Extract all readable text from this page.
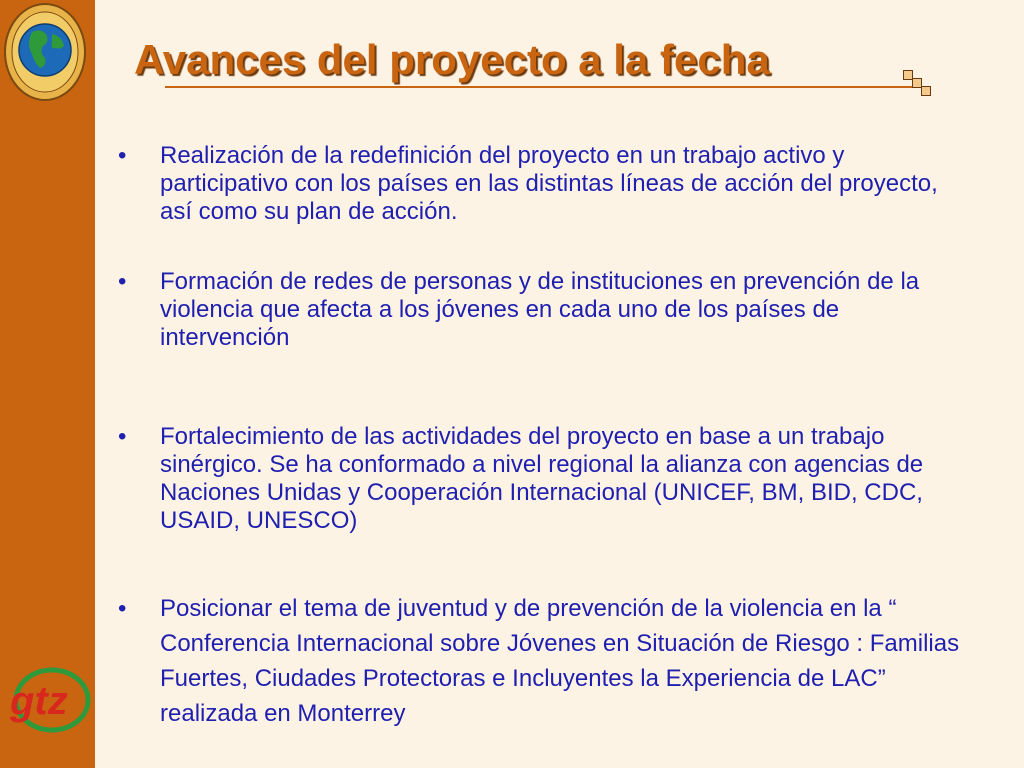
Avances del proyecto a la fecha
•	Realización de la redefinición del proyecto en un trabajo activo y participativo con los países en las distintas líneas de acción del proyecto, así como su plan de acción.
•	Formación de redes de personas y de instituciones en prevención de la violencia que afecta a los jóvenes en cada uno de los países de intervención
•	Fortalecimiento de las actividades del proyecto en base a un trabajo sinérgico. Se ha conformado a nivel regional la alianza con agencias de Naciones Unidas y Cooperación Internacional (UNICEF, BM, BID, CDC, USAID, UNESCO)
•	Posicionar el tema de juventud y de prevención de la violencia en la “ Conferencia Internacional sobre Jóvenes en Situación de Riesgo : Familias Fuertes, Ciudades Protectoras e Incluyentes la Experiencia de LAC” realizada en Monterrey
gtz
